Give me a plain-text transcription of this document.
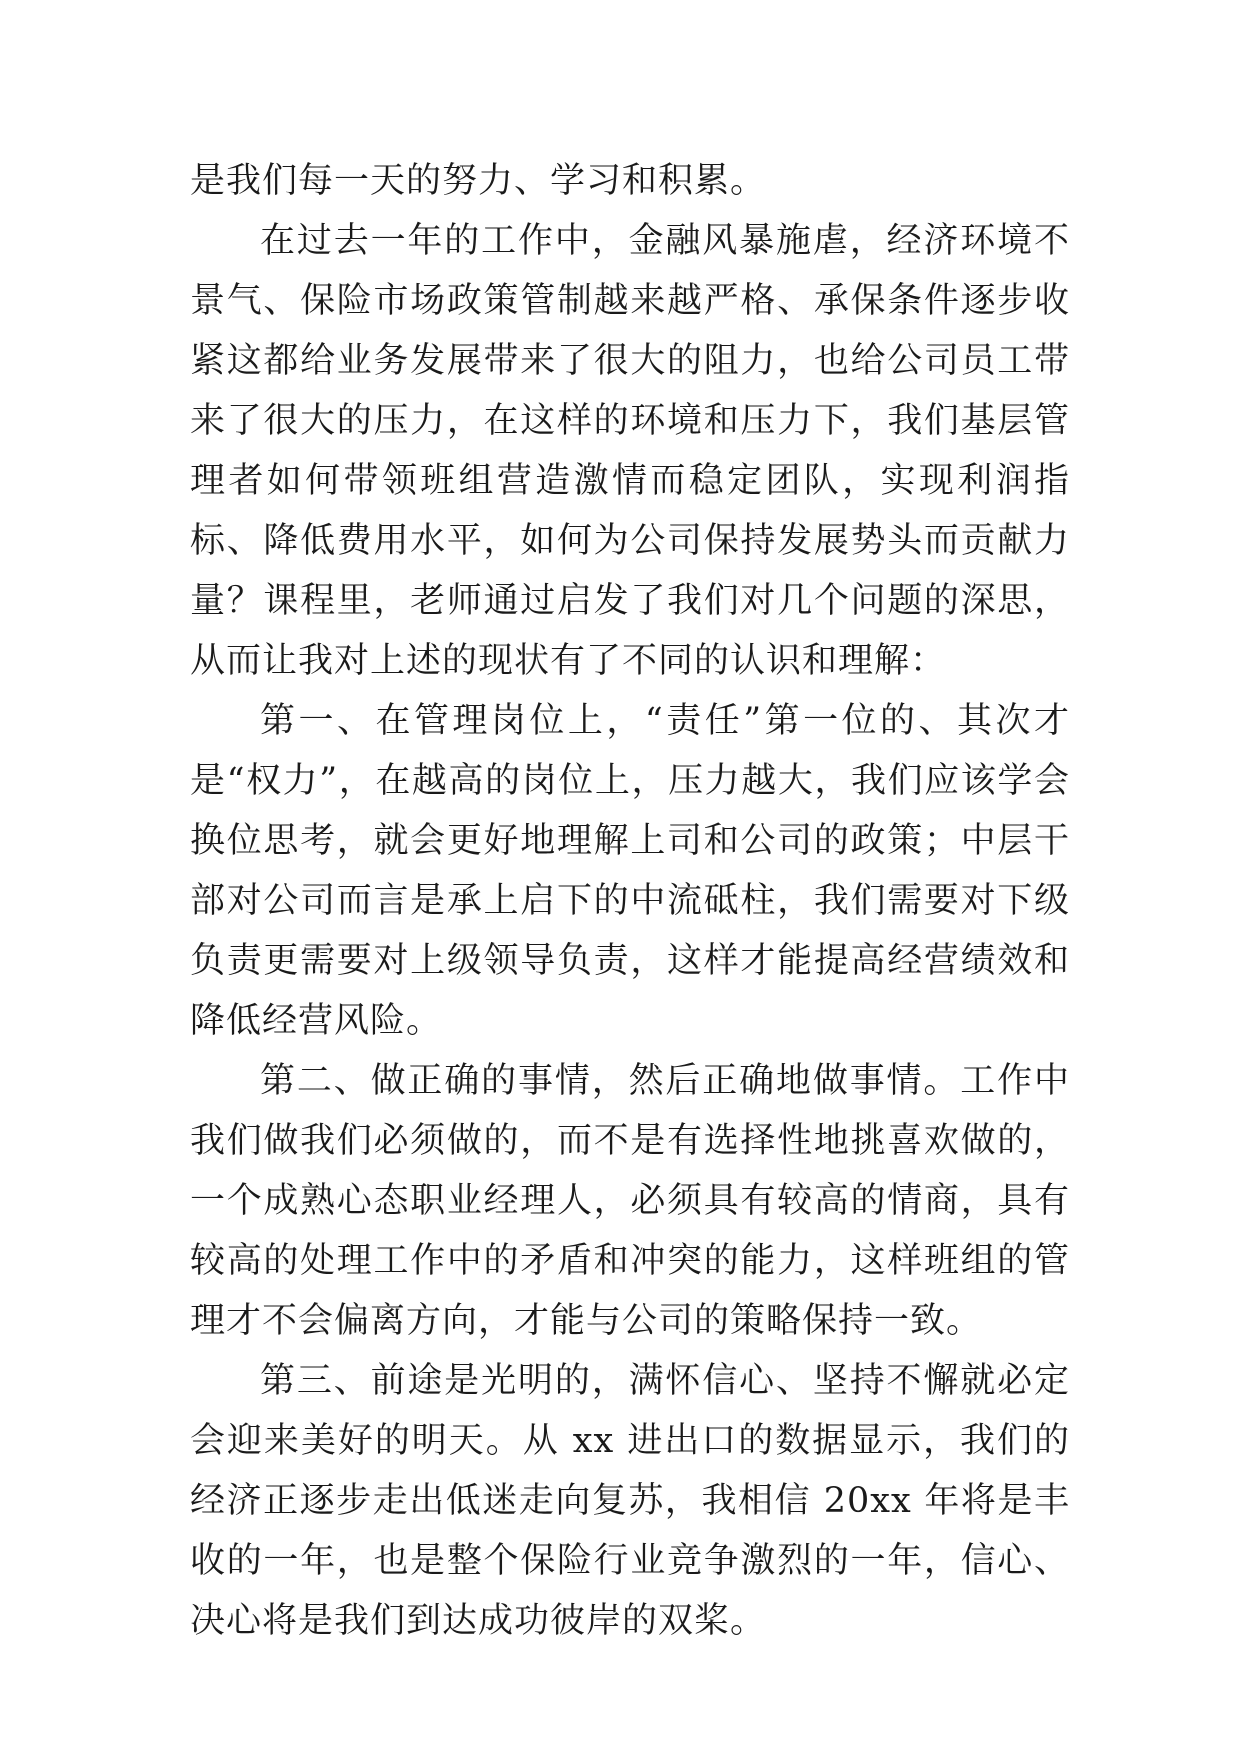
是我们每一天的努力、学习和积累。

在过去一年的工作中，金融风暴施虐，经济环境不景气、保险市场政策管制越来越严格、承保条件逐步收紧这都给业务发展带来了很大的阻力，也给公司员工带来了很大的压力，在这样的环境和压力下，我们基层管理者如何带领班组营造激情而稳定团队，实现利润指标、降低费用水平，如何为公司保持发展势头而贡献力量？课程里，老师通过启发了我们对几个问题的深思，从而让我对上述的现状有了不同的认识和理解：

第一、在管理岗位上，“责任”第一位的、其次才是“权力”，在越高的岗位上，压力越大，我们应该学会换位思考，就会更好地理解上司和公司的政策；中层干部对公司而言是承上启下的中流砥柱，我们需要对下级负责更需要对上级领导负责，这样才能提高经营绩效和降低经营风险。

第二、做正确的事情，然后正确地做事情。工作中我们做我们必须做的，而不是有选择性地挑喜欢做的，一个成熟心态职业经理人，必须具有较高的情商，具有较高的处理工作中的矛盾和冲突的能力，这样班组的管理才不会偏离方向，才能与公司的策略保持一致。

第三、前途是光明的，满怀信心、坚持不懈就必定会迎来美好的明天。从 xx 进出口的数据显示，我们的经济正逐步走出低迷走向复苏，我相信 20xx 年将是丰收的一年，也是整个保险行业竞争激烈的一年，信心、决心将是我们到达成功彼岸的双桨。
